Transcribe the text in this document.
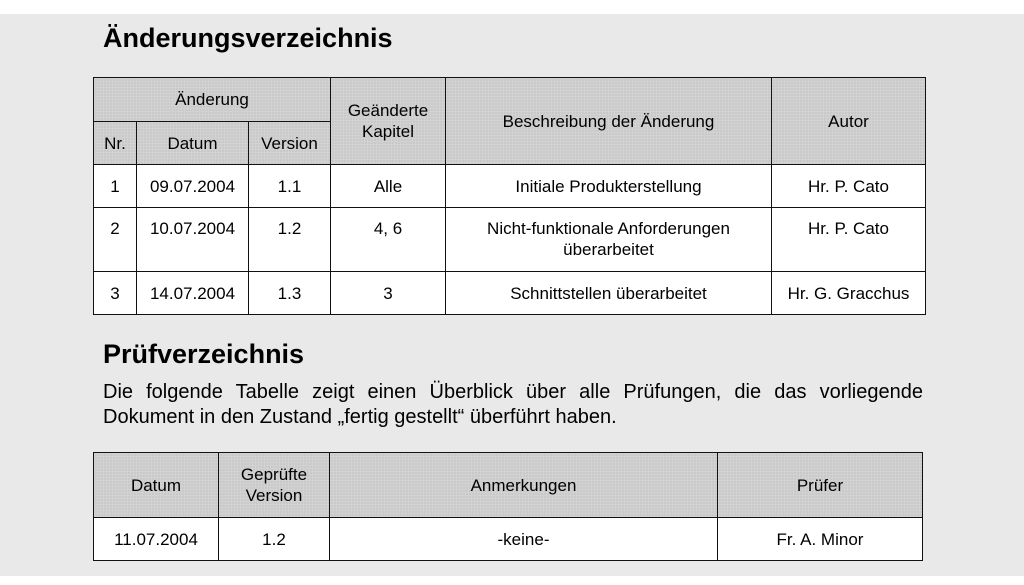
Änderungsverzeichnis
Änderung			Geänderte Kapitel	Beschreibung der Änderung	Autor
Nr.	Datum	Version			
1	09.07.2004	1.1	Alle	Initiale Produkterstellung	Hr. P. Cato
2	10.07.2004	1.2	4, 6	Nicht-funktionale Anforderungen überarbeitet	Hr. P. Cato
3	14.07.2004	1.3	3	Schnittstellen überarbeitet	Hr. G. Gracchus
Prüfverzeichnis

Die folgende Tabelle zeigt einen Überblick über alle Prüfungen, die das vorliegende Dokument in den Zustand „fertig gestellt“ überführt haben.

Datum	Geprüfte Version	Anmerkungen	Prüfer
11.07.2004	1.2	-keine-	Fr. A. Minor
